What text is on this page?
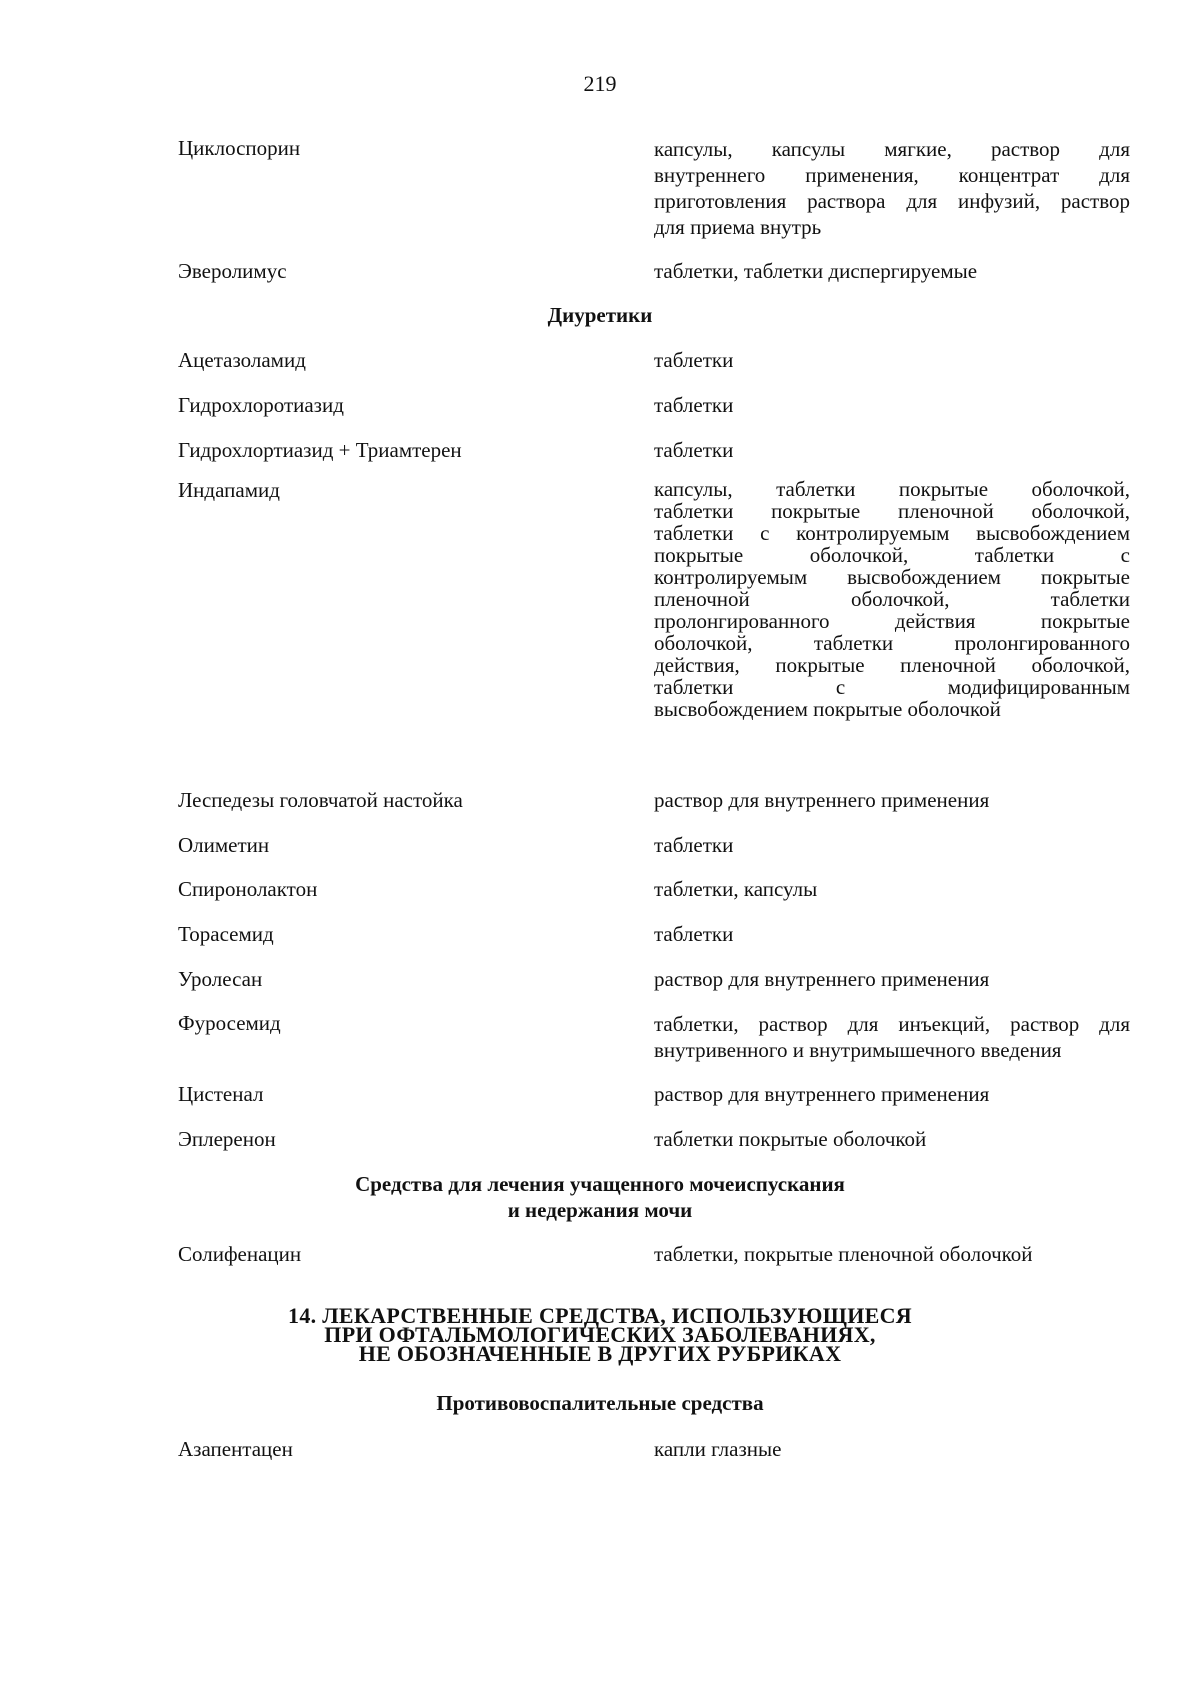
219
Циклоспорин	капсулы, капсулы мягкие, раствор для
внутреннего применения, концентрат для
приготовления раствора для инфузий, раствор
для приема внутрь
Эверолимус	таблетки, таблетки диспергируемые
Диуретики
Ацетазоламид	таблетки
Гидрохлоротиазид	таблетки
Гидрохлортиазид + Триамтерен	таблетки
Индапамид	капсулы, таблетки покрытые оболочкой,
таблетки покрытые пленочной оболочкой,
таблетки с контролируемым высвобождением
покрытые оболочкой, таблетки с
контролируемым высвобождением покрытые
пленочной оболочкой, таблетки
пролонгированного действия покрытые
оболочкой, таблетки пролонгированного
действия, покрытые пленочной оболочкой,
таблетки с модифицированным
высвобождением покрытые оболочкой
Леспедезы головчатой настойка	раствор для внутреннего применения
Олиметин	таблетки
Спиронолактон	таблетки, капсулы
Торасемид	таблетки
Уролесан	раствор для внутреннего применения
Фуросемид	таблетки, раствор для инъекций, раствор для
внутривенного и внутримышечного введения
Цистенал	раствор для внутреннего применения
Эплеренон	таблетки покрытые оболочкой
Средства для лечения учащенного мочеиспускания
и недержания мочи
Солифенацин	таблетки, покрытые пленочной оболочкой
14. ЛЕКАРСТВЕННЫЕ СРЕДСТВА, ИСПОЛЬЗУЮЩИЕСЯ
ПРИ ОФТАЛЬМОЛОГИЧЕСКИХ ЗАБОЛЕВАНИЯХ,
НЕ ОБОЗНАЧЕННЫЕ В ДРУГИХ РУБРИКАХ
Противовоспалительные средства
Азапентацен	капли глазные
